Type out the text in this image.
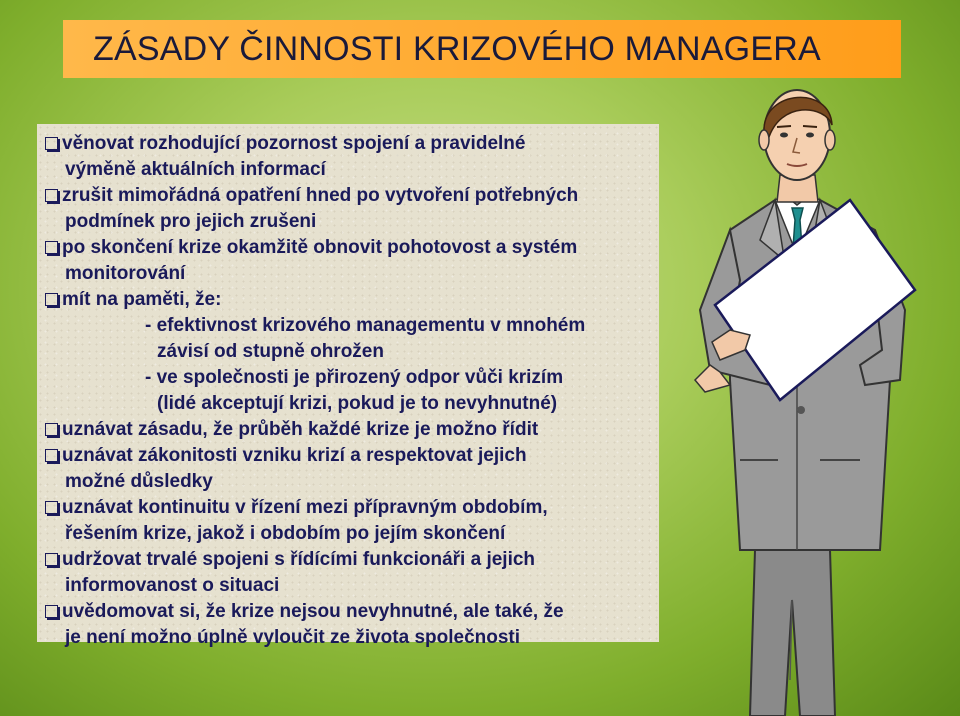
ZÁSADY ČINNOSTI KRIZOVÉHO MANAGERA
věnovat rozhodující pozornost spojení a pravidelné
výměně aktuálních informací
zrušit mimořádná opatření hned po vytvoření potřebných
podmínek pro jejich zrušeni
po skončení krize okamžitě obnovit pohotovost a systém
monitorování
mít na paměti, že:
- efektivnost krizového managementu v mnohém
závisí od stupně ohrožen
- ve společnosti je přirozený odpor vůči krizím
(lidé akceptují krizi, pokud je to nevyhnutné)
uznávat zásadu, že průběh každé krize je možno řídit
uznávat zákonitosti vzniku krizí a respektovat jejich
možné důsledky
uznávat kontinuitu v řízení mezi přípravným obdobím,
řešením krize, jakož i obdobím po jejím skončení
udržovat trvalé spojeni s řídícími funkcionáři a jejich
informovanost o situaci
uvědomovat si, že krize nejsou nevyhnutné, ale také, že
je není možno úplně vyloučit ze života společnosti
